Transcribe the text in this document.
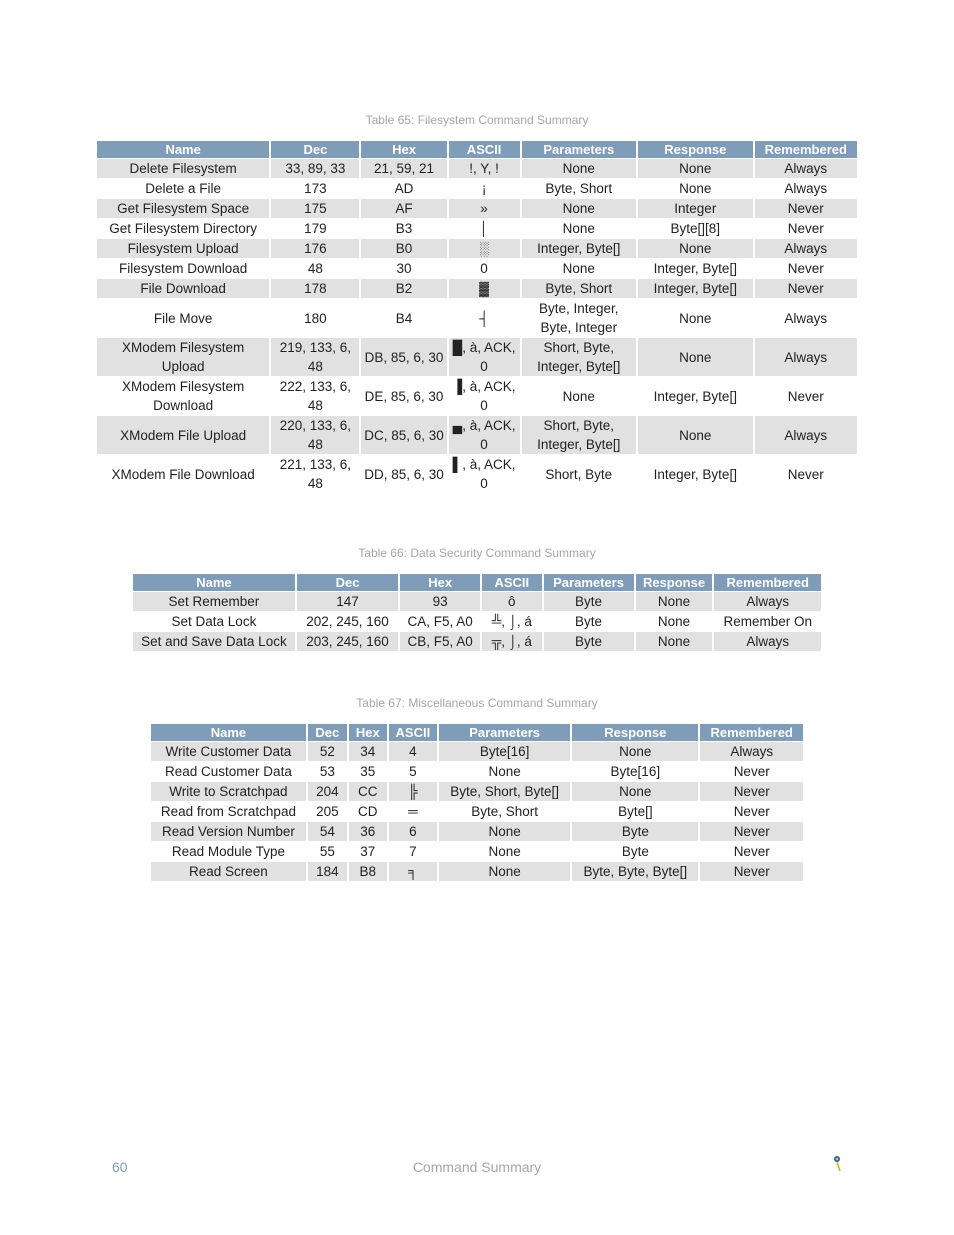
Table 65: Filesystem Command Summary
Name	Dec	Hex	ASCII	Parameters	Response	Remembered
Delete Filesystem	33, 89, 33	21, 59, 21	!, Y, !	None	None	Always
Delete a File	173	AD	¡	Byte, Short	None	Always
Get Filesystem Space	175	AF	»	None	Integer	Never
Get Filesystem Directory	179	B3	│	None	Byte[][8]	Never
Filesystem Upload	176	B0	░	Integer, Byte[]	None	Always
Filesystem Download	48	30	0	None	Integer, Byte[]	Never
File Download	178	B2	▓	Byte, Short	Integer, Byte[]	Never
File Move	180	B4	┤	Byte, Integer, Byte, Integer	None	Always
XModem Filesystem Upload	219, 133, 6, 48	DB, 85, 6, 30	█, à, ACK, 0	Short, Byte, Integer, Byte[]	None	Always
XModem Filesystem Download	222, 133, 6, 48	DE, 85, 6, 30	▐, à, ACK, 0	None	Integer, Byte[]	Never
XModem File Upload	220, 133, 6, 48	DC, 85, 6, 30	▄, à, ACK, 0	Short, Byte, Integer, Byte[]	None	Always
XModem File Download	221, 133, 6, 48	DD, 85, 6, 30	▌, à, ACK, 0	Short, Byte	Integer, Byte[]	Never
Table 66: Data Security Command Summary
Name	Dec	Hex	ASCII	Parameters	Response	Remembered
Set Remember	147	93	ô	Byte	None	Always
Set Data Lock	202, 245, 160	CA, F5, A0	╩, ⌡, á	Byte	None	Remember On
Set and Save Data Lock	203, 245, 160	CB, F5, A0	╦, ⌡, á	Byte	None	Always
Table 67: Miscellaneous Command Summary
Name	Dec	Hex	ASCII	Parameters	Response	Remembered
Write Customer Data	52	34	4	Byte[16]	None	Always
Read Customer Data	53	35	5	None	Byte[16]	Never
Write to Scratchpad	204	CC	╠	Byte, Short, Byte[]	None	Never
Read from Scratchpad	205	CD	═	Byte, Short	Byte[]	Never
Read Version Number	54	36	6	None	Byte	Never
Read Module Type	55	37	7	None	Byte	Never
Read Screen	184	B8	╕	None	Byte, Byte, Byte[]	Never
60	Command Summary
